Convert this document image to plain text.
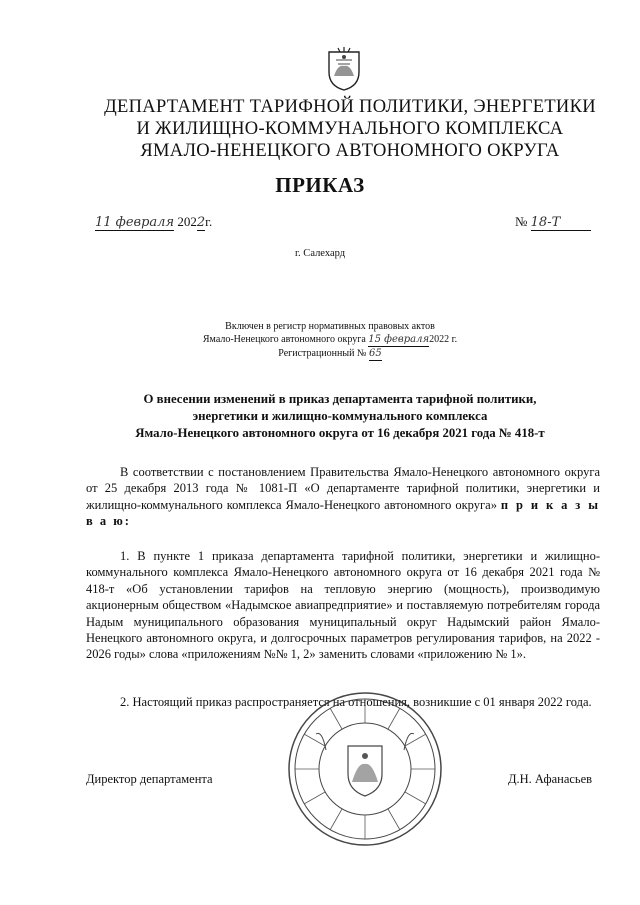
ДЕПАРТАМЕНТ ТАРИФНОЙ ПОЛИТИКИ, ЭНЕРГЕТИКИ
И ЖИЛИЩНО-КОММУНАЛЬНОГО КОМПЛЕКСА
ЯМАЛО-НЕНЕЦКОГО АВТОНОМНОГО ОКРУГА
ПРИКАЗ
11 февраля 2022г.	№ 18-Т
г. Салехард
Включен в регистр нормативных правовых актов
Ямало-Ненецкого автономного округа 15 февраля2022 г.
Регистрационный № 65
О внесении изменений в приказ департамента тарифной политики,
энергетики и жилищно-коммунального комплекса
Ямало-Ненецкого автономного округа от 16 декабря 2021 года № 418-т
В соответствии с постановлением Правительства Ямало-Ненецкого автономного округа от 25 декабря 2013 года № 1081-П «О департаменте тарифной политики, энергетики и жилищно-коммунального комплекса Ямало-Ненецкого автономного округа» п р и к а з ы в а ю:
1. В пункте 1 приказа департамента тарифной политики, энергетики и жилищно-коммунального комплекса Ямало-Ненецкого автономного округа от 16 декабря 2021 года № 418-т «Об установлении тарифов на тепловую энергию (мощность), производимую акционерным обществом «Надымское авиапредприятие» и поставляемую потребителям города Надым муниципального образования муниципальный округ Надымский район Ямало-Ненецкого автономного округа, и долгосрочных параметров регулирования тарифов, на 2022 - 2026 годы» слова «приложениям №№ 1, 2» заменить словами «приложению № 1».
2. Настоящий приказ распространяется на отношения, возникшие с 01 января 2022 года.
Директор департамента	Д.Н. Афанасьев
